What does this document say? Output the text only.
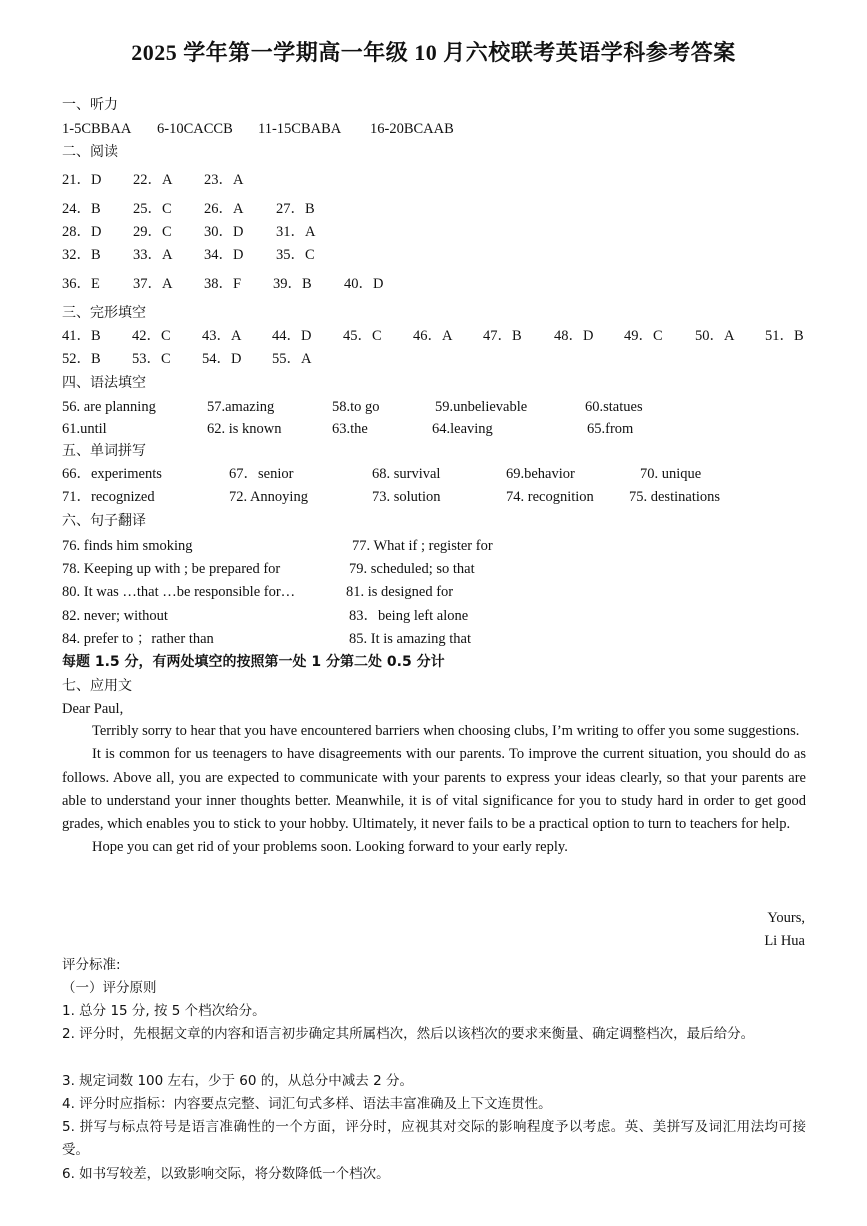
2025 学年第一学期高一年级 10 月六校联考英语学科参考答案
一、听力
1-5CBBAA 6-10CACCB 11-15CBABA 16-20BCAAB
二、阅读
21．D 22．A 23．A
24．B 25．C 26．A 27．B
28．D 29．C 30．D 31．A
32．B 33．A 34．D 35．C
36．E 37．A 38．F 39．B 40．D
三、完形填空
41．B 42．C 43．A 44．D 45．C 46．A 47．B 48．D 49．C 50．A 51．B
52．B 53．C 54．D 55．A
四、语法填空
56. are planning	57.amazing	58.to go	59.unbelievable	60.statues
61.until	62. is known	63.the	64.leaving	65.from
五、单词拼写
66．experiments	67．senior	68. survival	69.behavior	70. unique
71．recognized	72. Annoying	73. solution	74. recognition 75. destinations
六、句子翻译
76. finds him smoking	77. What if ; register for
78. Keeping up with ; be prepared for	79. scheduled; so that
80. It was …that …be responsible for…	81. is designed for
82. never; without	83．being left alone
84. prefer to ；rather than	85. It is amazing that
每题 1.5 分，有两处填空的按照第一处 1 分第二处 0.5 分计
七、应用文
Dear Paul,

Terribly sorry to hear that you have encountered barriers when choosing clubs, I’m writing to offer you some suggestions.

It is common for us teenagers to have disagreements with our parents. To improve the current situation, you should do as follows. Above all, you are expected to communicate with your parents to express your ideas clearly, so that your parents are able to understand your inner thoughts better. Meanwhile, it is of vital significance for you to study hard in order to get good grades, which enables you to stick to your hobby. Ultimately, it never fails to be a practical option to turn to teachers for help.

Hope you can get rid of your problems soon. Looking forward to your early reply.

Yours,
Li Hua
评分标准:
（一）评分原则
1. 总分 15 分, 按 5 个档次给分。
2. 评分时，先根据文章的内容和语言初步确定其所属档次，然后以该档次的要求来衡量、确定调整档次，最后给分。
3. 规定词数 100 左右，少于 60 的，从总分中减去 2 分。
4. 评分时应指标：内容要点完整、词汇句式多样、语法丰富准确及上下文连贯性。
5. 拼写与标点符号是语言准确性的一个方面，评分时，应视其对交际的影响程度予以考虑。英、美拼写及词汇用法均可接受。
6. 如书写较差，以致影响交际，将分数降低一个档次。
